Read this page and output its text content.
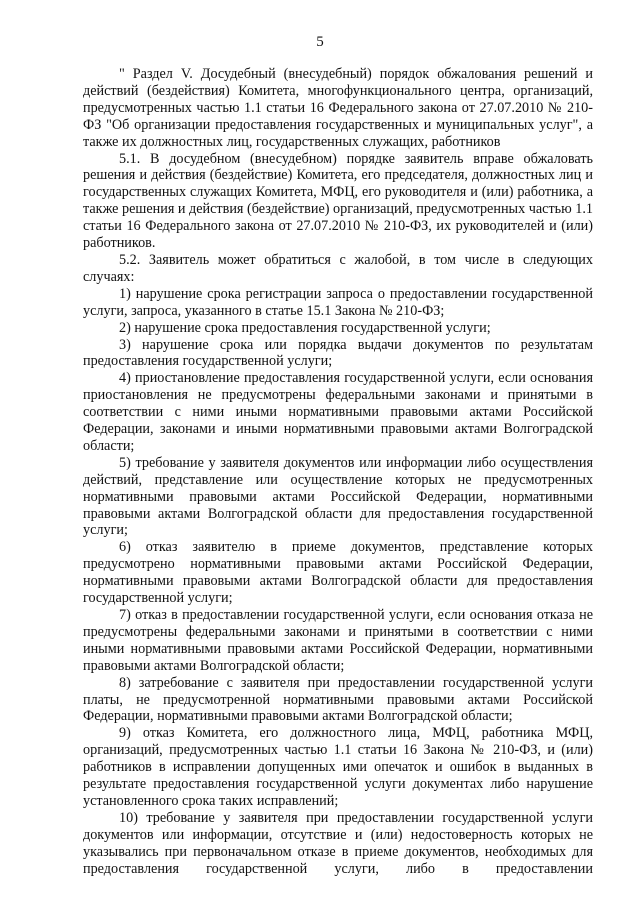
5

" Раздел V. Досудебный (внесудебный) порядок обжалования решений и действий (бездействия) Комитета, многофункционального центра, организаций, предусмотренных частью 1.1 статьи 16 Федерального закона от 27.07.2010 № 210-ФЗ "Об организации предоставления государственных и муниципальных услуг", а также их должностных лиц, государственных служащих, работников

5.1. В досудебном (внесудебном) порядке заявитель вправе обжаловать решения и действия (бездействие) Комитета, его председателя, должностных лиц и государственных служащих Комитета, МФЦ, его руководителя и (или) работника, а также решения и действия (бездействие) организаций, предусмотренных частью 1.1 статьи 16 Федерального закона от 27.07.2010 № 210-ФЗ, их руководителей и (или) работников.

5.2. Заявитель может обратиться с жалобой, в том числе в следующих случаях:

1) нарушение срока регистрации запроса о предоставлении государственной услуги, запроса, указанного в статье 15.1 Закона № 210-ФЗ;

2) нарушение срока предоставления государственной услуги;

3) нарушение срока или порядка выдачи документов по результатам предоставления государственной услуги;

4) приостановление предоставления государственной услуги, если основания приостановления не предусмотрены федеральными законами и принятыми в соответствии с ними иными нормативными правовыми актами Российской Федерации, законами и иными нормативными правовыми актами Волгоградской области;

5) требование у заявителя документов или информации либо осуществления действий, представление или осуществление которых не предусмотренных нормативными правовыми актами Российской Федерации, нормативными правовыми актами Волгоградской области для предоставления государственной услуги;

6) отказ заявителю в приеме документов, представление которых предусмотрено нормативными правовыми актами Российской Федерации, нормативными правовыми актами Волгоградской области для предоставления государственной услуги;

7) отказ в предоставлении государственной услуги, если основания отказа не предусмотрены федеральными законами и принятыми в соответствии с ними иными нормативными правовыми актами Российской Федерации, нормативными правовыми актами Волгоградской области;

8) затребование с заявителя при предоставлении государственной услуги платы, не предусмотренной нормативными правовыми актами Российской Федерации, нормативными правовыми актами Волгоградской области;

9) отказ Комитета, его должностного лица, МФЦ, работника МФЦ, организаций, предусмотренных частью 1.1 статьи 16 Закона № 210-ФЗ, и (или) работников в исправлении допущенных ими опечаток и ошибок в выданных в результате предоставления государственной услуги документах либо нарушение установленного срока таких исправлений;

10) требование у заявителя при предоставлении государственной услуги документов или информации, отсутствие и (или) недостоверность которых не указывались при первоначальном отказе в приеме документов, необходимых для предоставления государственной услуги, либо в предоставлении
